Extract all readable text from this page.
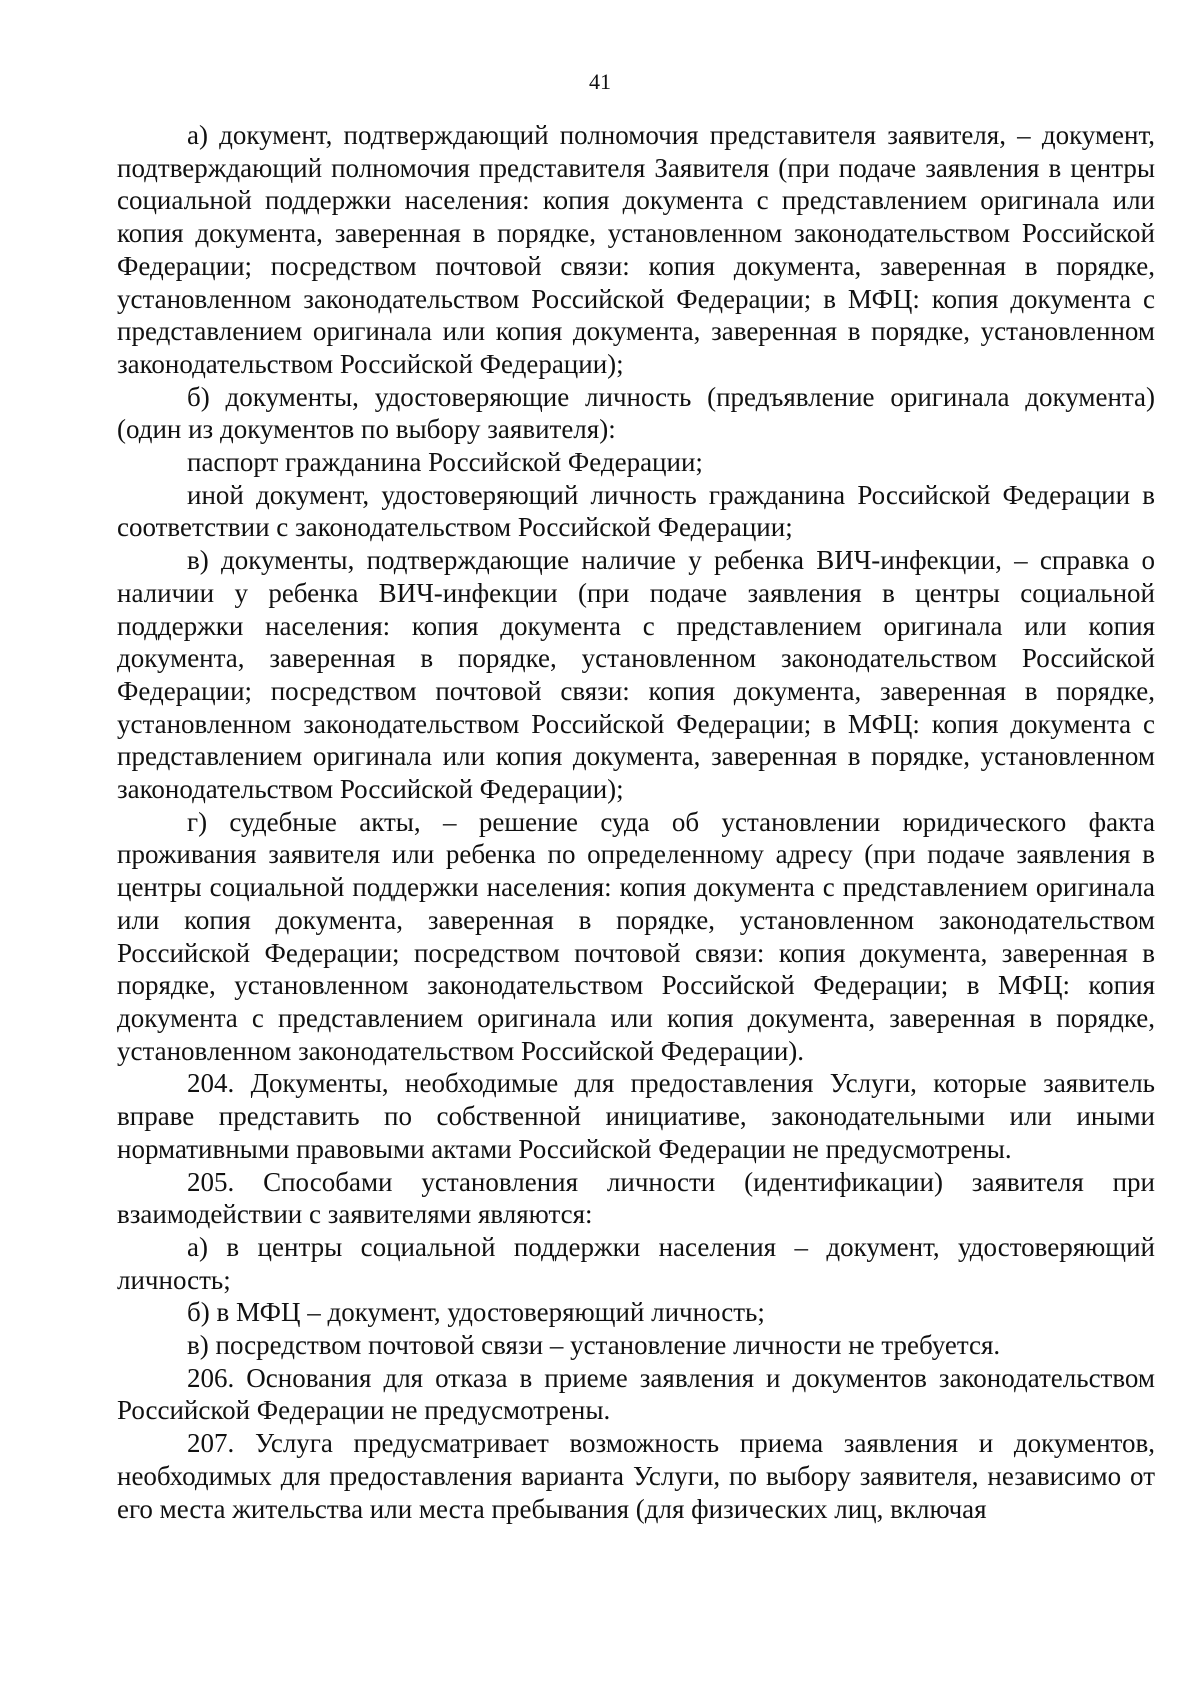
41

а) документ, подтверждающий полномочия представителя заявителя, – документ, подтверждающий полномочия представителя Заявителя (при подаче заявления в центры социальной поддержки населения: копия документа с представлением оригинала или копия документа, заверенная в порядке, установленном законодательством Российской Федерации; посредством почтовой связи: копия документа, заверенная в порядке, установленном законодательством Российской Федерации; в МФЦ: копия документа с представлением оригинала или копия документа, заверенная в порядке, установленном законодательством Российской Федерации);

б) документы, удостоверяющие личность (предъявление оригинала документа) (один из документов по выбору заявителя):

паспорт гражданина Российской Федерации;

иной документ, удостоверяющий личность гражданина Российской Федерации в соответствии с законодательством Российской Федерации;

в) документы, подтверждающие наличие у ребенка ВИЧ-инфекции, – справка о наличии у ребенка ВИЧ-инфекции (при подаче заявления в центры социальной поддержки населения: копия документа с представлением оригинала или копия документа, заверенная в порядке, установленном законодательством Российской Федерации; посредством почтовой связи: копия документа, заверенная в порядке, установленном законодательством Российской Федерации; в МФЦ: копия документа с представлением оригинала или копия документа, заверенная в порядке, установленном законодательством Российской Федерации);

г) судебные акты, – решение суда об установлении юридического факта проживания заявителя или ребенка по определенному адресу (при подаче заявления в центры социальной поддержки населения: копия документа с представлением оригинала или копия документа, заверенная в порядке, установленном законодательством Российской Федерации; посредством почтовой связи: копия документа, заверенная в порядке, установленном законодательством Российской Федерации; в МФЦ: копия документа с представлением оригинала или копия документа, заверенная в порядке, установленном законодательством Российской Федерации).

204. Документы, необходимые для предоставления Услуги, которые заявитель вправе представить по собственной инициативе, законодательными или иными нормативными правовыми актами Российской Федерации не предусмотрены.

205. Способами установления личности (идентификации) заявителя при взаимодействии с заявителями являются:

а) в центры социальной поддержки населения – документ, удостоверяющий личность;

б) в МФЦ – документ, удостоверяющий личность;

в) посредством почтовой связи – установление личности не требуется.

206. Основания для отказа в приеме заявления и документов законодательством Российской Федерации не предусмотрены.

207. Услуга предусматривает возможность приема заявления и документов, необходимых для предоставления варианта Услуги, по выбору заявителя, независимо от его места жительства или места пребывания (для физических лиц, включая
